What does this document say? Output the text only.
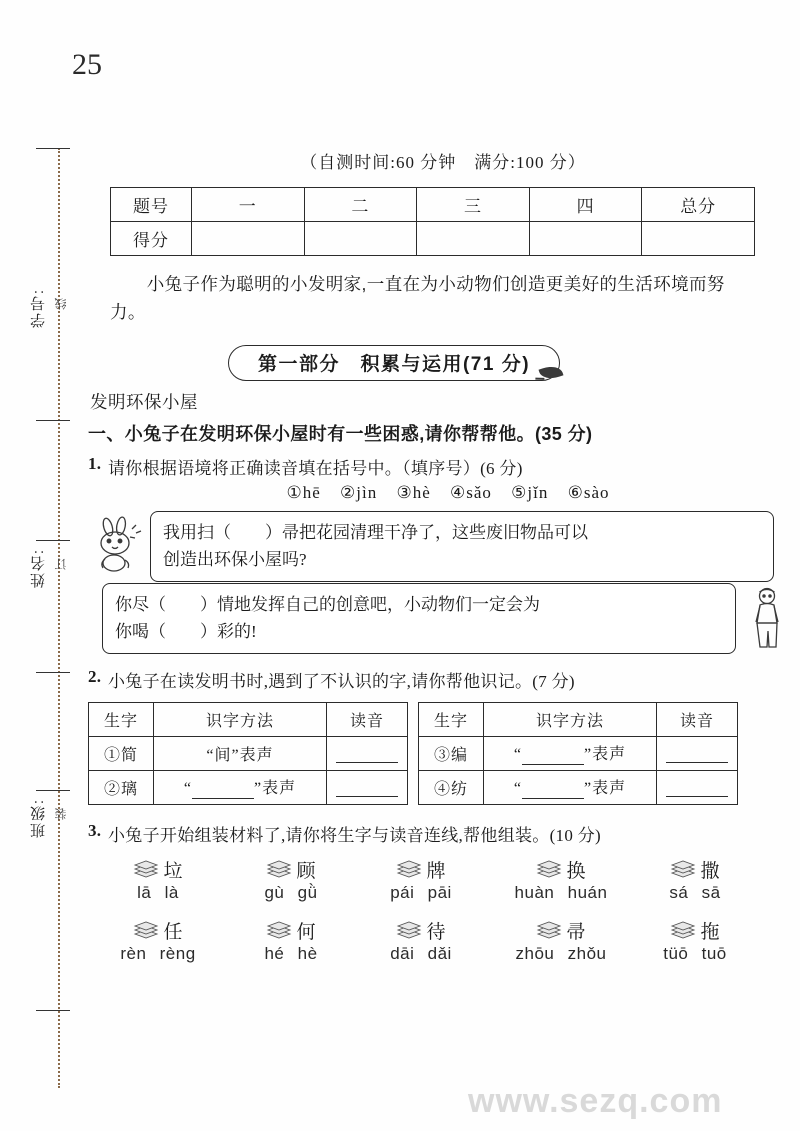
学号: 线
姓名: 订
班级: 装
25
（自测时间:60 分钟　满分:100 分）
题号	一	二	三	四	总分
得分					
小兔子作为聪明的小发明家,一直在为小动物们创造更美好的生活环境而努力。
第一部分　积累与运用(71 分)
发明环保小屋
一、小兔子在发明环保小屋时有一些困惑,请你帮帮他。(35 分)
1. 请你根据语境将正确读音填在括号中。（填序号）(6 分)
①hē ②jìn ③hè ④sǎo ⑤jǐn ⑥sào
我用扫（　　）帚把花园清理干净了，这些废旧物品可以
创造出环保小屋吗?
你尽（　　）情地发挥自己的创意吧，小动物们一定会为
你喝（　　）彩的!
2. 小兔子在读发明书时,遇到了不认识的字,请你帮他识记。(7 分)
生字	识字方法	读音
①简	“间”表声	
②璃	“ ”表声	
生字	识字方法	读音
③编	“ ”表声	
④纺	“ ”表声	
3. 小兔子开始组装材料了,请你将生字与读音连线,帮他组装。(10 分)
垃
lā là
顾
gù gǜ
牌
pái pāi
换
huàn huán
撒
sá sā
任
rèn rèng
何
hé hè
待
dāi dǎi
帚
zhōu zhǒu
拖
tüō tuō
www.sezq.com
